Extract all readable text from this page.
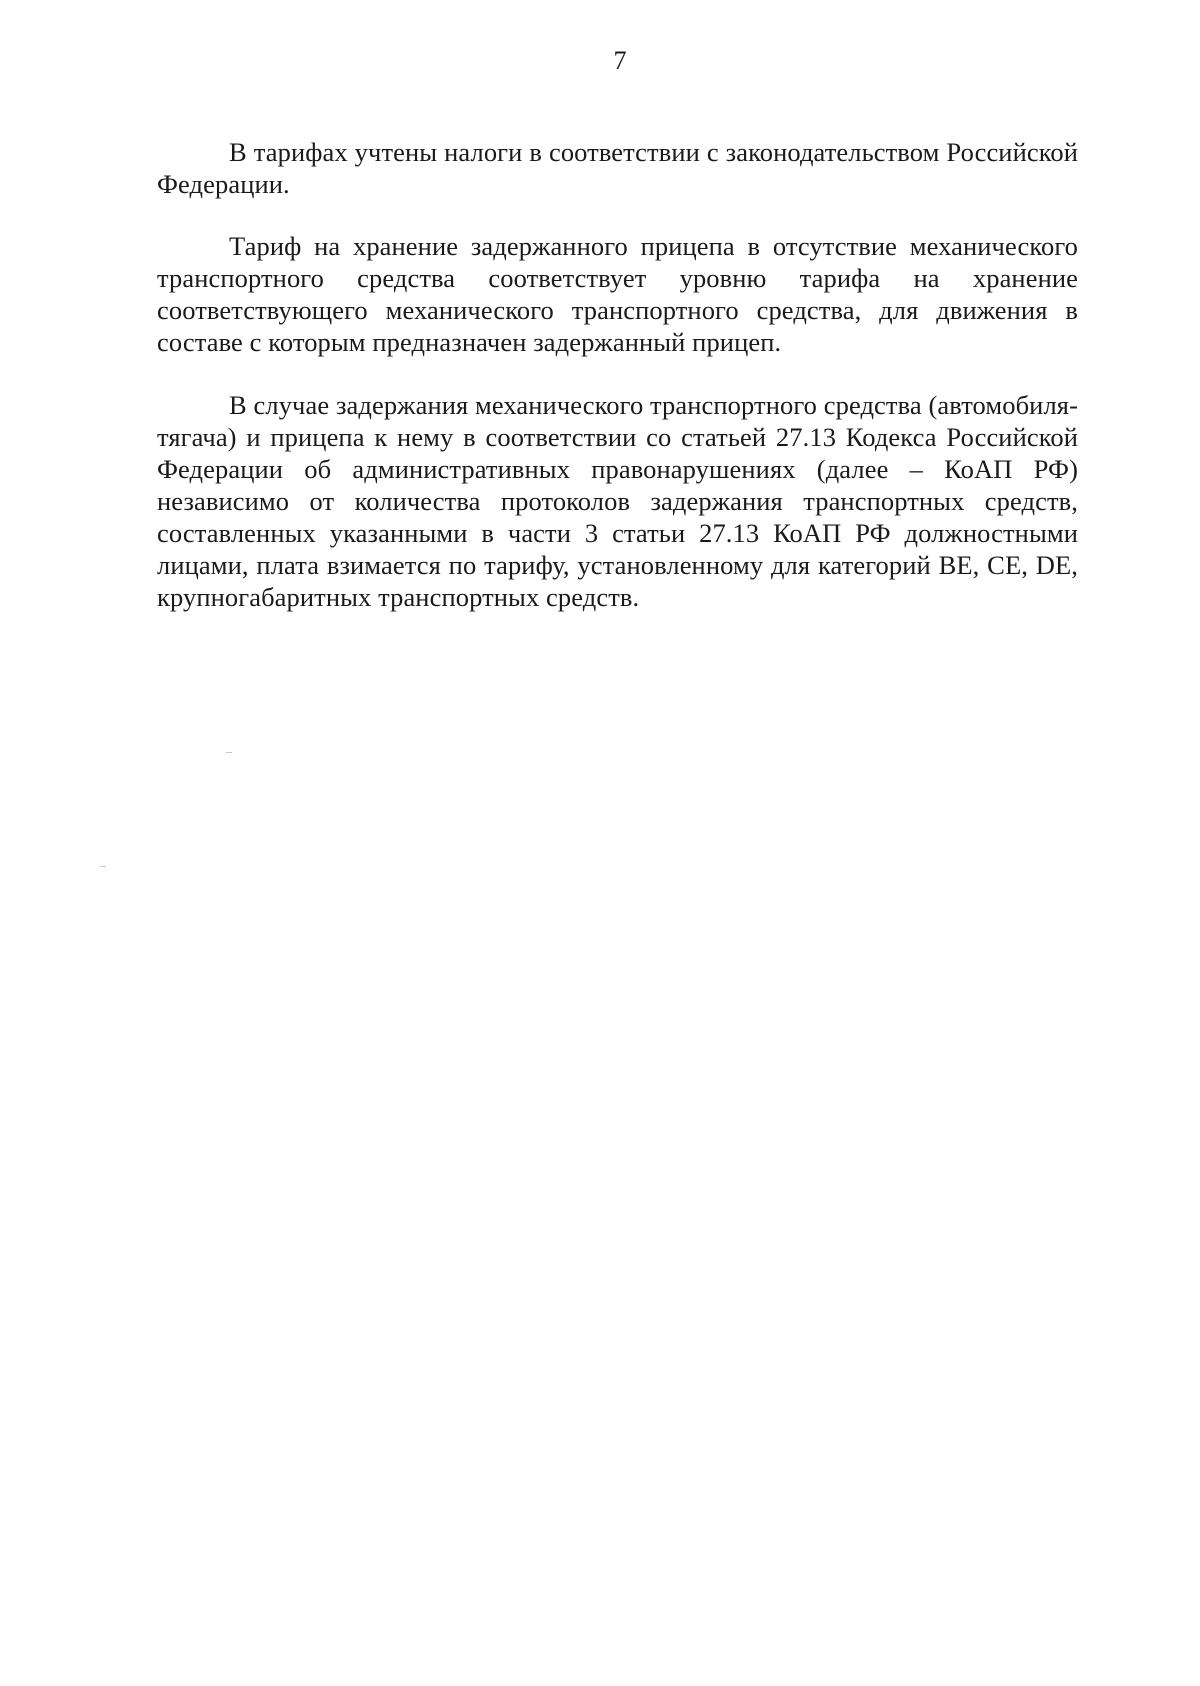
7

В тарифах учтены налоги в соответствии с законодательством Российской Федерации.

Тариф на хранение задержанного прицепа в отсутствие механического транспортного средства соответствует уровню тарифа на хранение соответствующего механического транспортного средства, для движения в составе с которым предназначен задержанный прицеп.

В случае задержания механического транспортного средства (автомобиля-тягача) и прицепа к нему в соответствии со статьей 27.13 Кодекса Российской Федерации об административных правонарушениях (далее – КоАП РФ) независимо от количества протоколов задержания транспортных средств, составленных указанными в части 3 статьи 27.13 КоАП РФ должностными лицами, плата взимается по тарифу, установленному для категорий BE, CE, DE, крупногабаритных транспортных средств.
